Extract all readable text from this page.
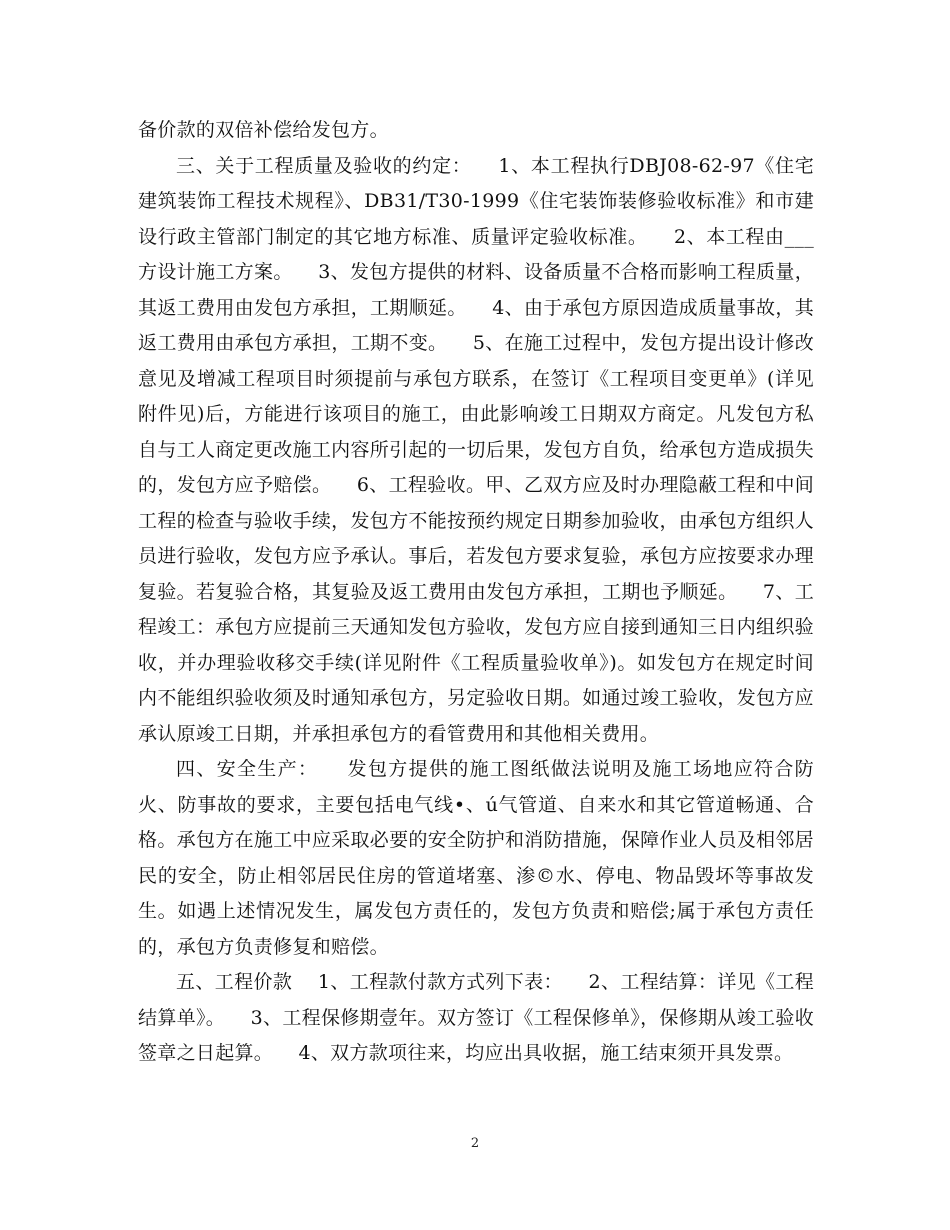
备价款的双倍补偿给发包方。

三、关于工程质量及验收的约定：    1、本工程执行DBJ08-62-97《住宅建筑装饰工程技术规程》、DB31/T30-1999《住宅装饰装修验收标准》和市建设行政主管部门制定的其它地方标准、质量评定验收标准。    2、本工程由___方设计施工方案。    3、发包方提供的材料、设备质量不合格而影响工程质量，其返工费用由发包方承担，工期顺延。    4、由于承包方原因造成质量事故，其返工费用由承包方承担，工期不变。    5、在施工过程中，发包方提出设计修改意见及增减工程项目时须提前与承包方联系，在签订《工程项目变更单》(详见附件见)后，方能进行该项目的施工，由此影响竣工日期双方商定。凡发包方私自与工人商定更改施工内容所引起的一切后果，发包方自负，给承包方造成损失的，发包方应予赔偿。    6、工程验收。甲、乙双方应及时办理隐蔽工程和中间工程的检查与验收手续，发包方不能按预约规定日期参加验收，由承包方组织人员进行验收，发包方应予承认。事后，若发包方要求复验，承包方应按要求办理复验。若复验合格，其复验及返工费用由发包方承担，工期也予顺延。    7、工程竣工：承包方应提前三天通知发包方验收，发包方应自接到通知三日内组织验收，并办理验收移交手续(详见附件《工程质量验收单》)。如发包方在规定时间内不能组织验收须及时通知承包方，另定验收日期。如通过竣工验收，发包方应承认原竣工日期，并承担承包方的看管费用和其他相关费用。

四、安全生产：    发包方提供的施工图纸做法说明及施工场地应符合防火、防事故的要求，主要包括电气线•、ú气管道、自来水和其它管道畅通、合格。承包方在施工中应采取必要的安全防护和消防措施，保障作业人员及相邻居民的安全，防止相邻居民住房的管道堵塞、渗©水、停电、物品毁坏等事故发生。如遇上述情况发生，属发包方责任的，发包方负责和赔偿;属于承包方责任的，承包方负责修复和赔偿。

五、工程价款    1、工程款付款方式列下表：    2、工程结算：详见《工程结算单》。    3、工程保修期壹年。双方签订《工程保修单》，保修期从竣工验收签章之日起算。    4、双方款项往来，均应出具收据，施工结束须开具发票。

2
